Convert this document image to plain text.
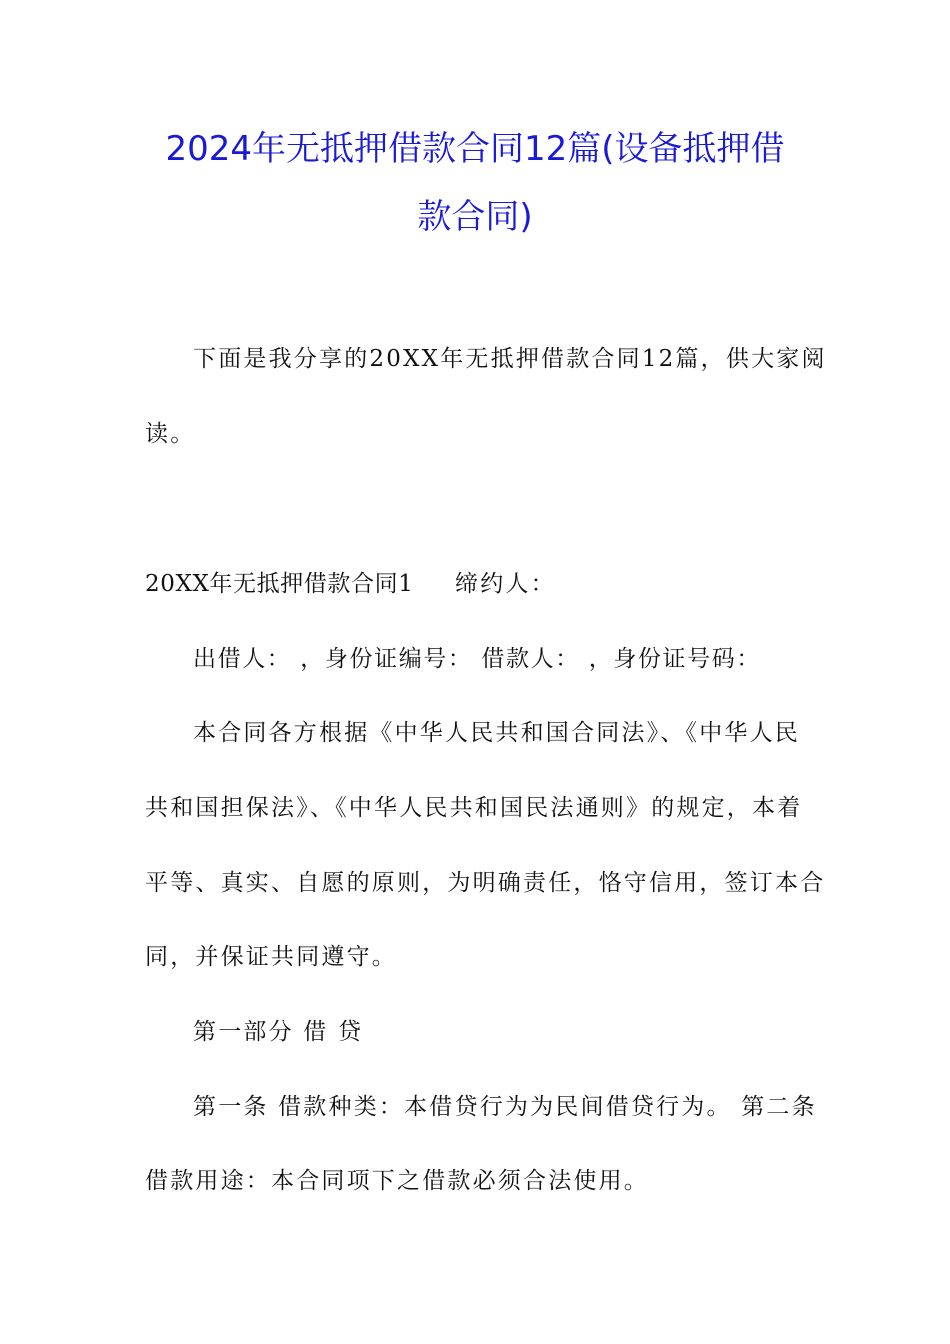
2024年无抵押借款合同12篇(设备抵押借
款合同)
下面是我分享的20XX年无抵押借款合同12篇，供大家阅
读。
20XX年无抵押借款合同1 缔约人：
出借人： ，身份证编号： 借款人： ，身份证号码：
本合同各方根据《中华人民共和国合同法》、《中华人民
共和国担保法》、《中华人民共和国民法通则》的规定，本着
平等、真实、自愿的原则，为明确责任，恪守信用，签订本合
同，并保证共同遵守。
第一部分 借 贷
第一条 借款种类：本借贷行为为民间借贷行为。 第二条
借款用途：本合同项下之借款必须合法使用。
